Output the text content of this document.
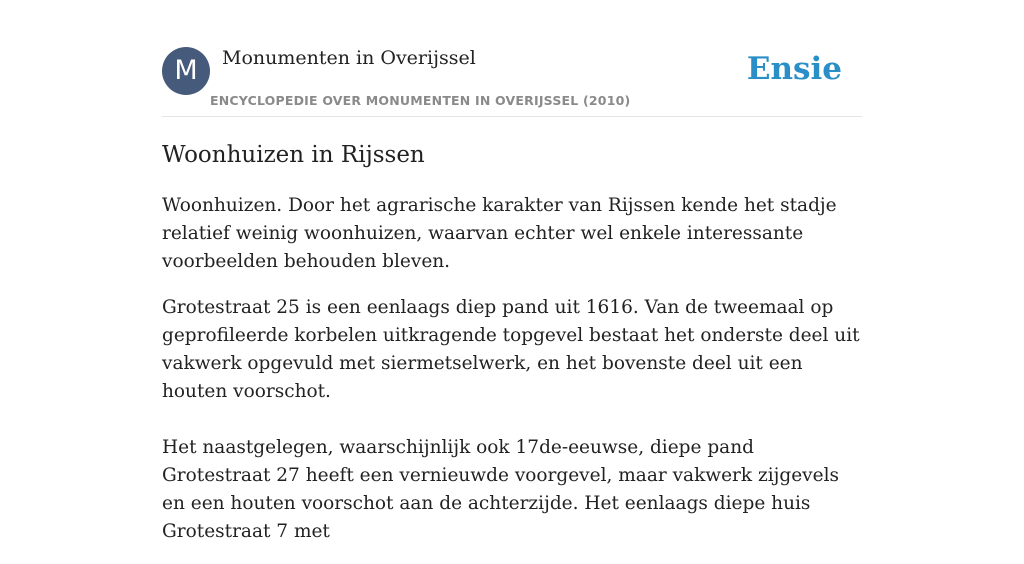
M	Monumenten in Overijssel
ENCYCLOPEDIE OVER MONUMENTEN IN OVERIJSSEL (2010)
Ensie
Woonhuizen in Rijssen

Woonhuizen. Door het agrarische karakter van Rijssen kende het stadje relatief weinig woonhuizen, waarvan echter wel enkele interessante voorbeelden behouden bleven.

Grotestraat 25 is een eenlaags diep pand uit 1616. Van de tweemaal op geprofileerde korbelen uitkragende topgevel bestaat het onderste deel uit vakwerk opgevuld met siermetselwerk, en het bovenste deel uit een houten voorschot.

Het naastgelegen, waarschijnlijk ook 17de-eeuwse, diepe pand Grotestraat 27 heeft een vernieuwde voorgevel, maar vakwerk zijgevels en een houten voorschot aan de achterzijde. Het eenlaags diepe huis Grotestraat 7 met
